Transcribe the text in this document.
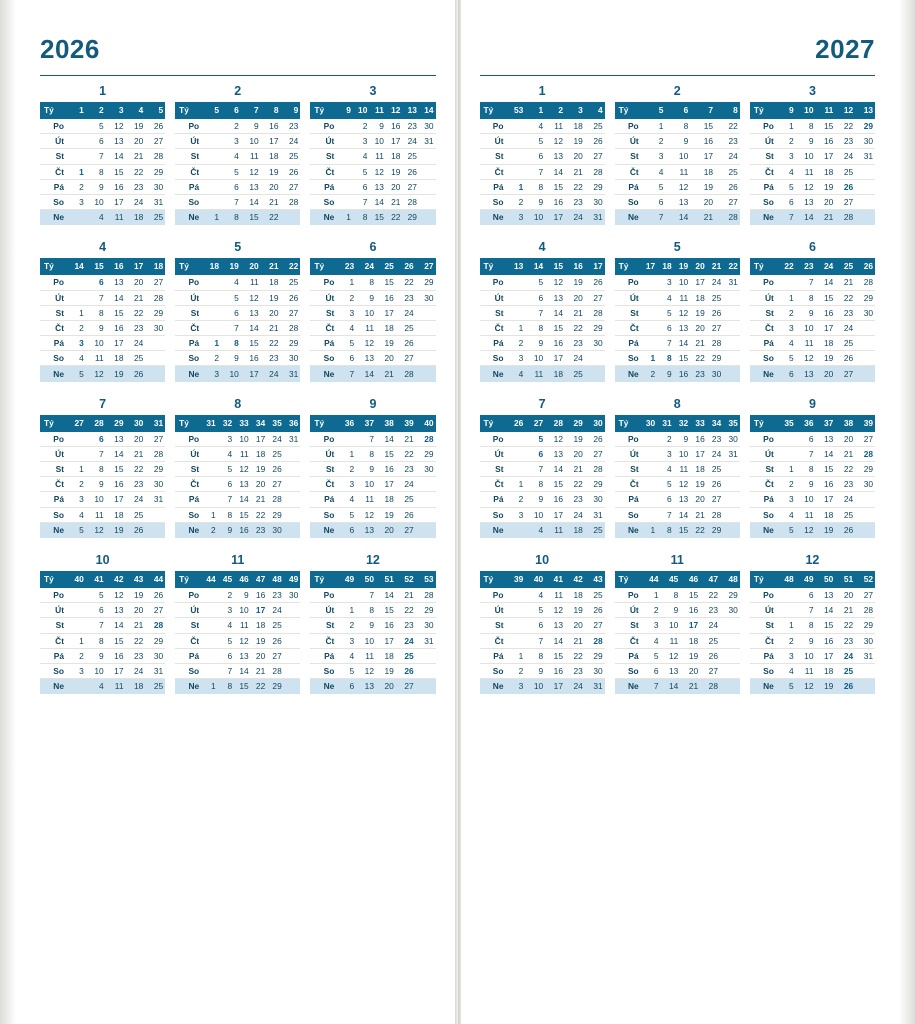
2026
1
Tý	1	2	3	4	5
Po		5	12	19	26
Út		6	13	20	27
St		7	14	21	28
Čt	1	8	15	22	29
Pá	2	9	16	23	30
So	3	10	17	24	31
Ne		4	11	18	25
2
Tý	5	6	7	8	9
Po		2	9	16	23
Út		3	10	17	24
St		4	11	18	25
Čt		5	12	19	26
Pá		6	13	20	27
So		7	14	21	28
Ne	1	8	15	22	
3
Tý	9	10	11	12	13	14
Po		2	9	16	23	30
Út		3	10	17	24	31
St		4	11	18	25	
Čt		5	12	19	26	
Pá		6	13	20	27	
So		7	14	21	28	
Ne	1	8	15	22	29	
4
Tý	14	15	16	17	18
Po		6	13	20	27
Út		7	14	21	28
St	1	8	15	22	29
Čt	2	9	16	23	30
Pá	3	10	17	24	
So	4	11	18	25	
Ne	5	12	19	26	
5
Tý	18	19	20	21	22
Po		4	11	18	25
Út		5	12	19	26
St		6	13	20	27
Čt		7	14	21	28
Pá	1	8	15	22	29
So	2	9	16	23	30
Ne	3	10	17	24	31
6
Tý	23	24	25	26	27
Po	1	8	15	22	29
Út	2	9	16	23	30
St	3	10	17	24	
Čt	4	11	18	25	
Pá	5	12	19	26	
So	6	13	20	27	
Ne	7	14	21	28	
7
Tý	27	28	29	30	31
Po		6	13	20	27
Út		7	14	21	28
St	1	8	15	22	29
Čt	2	9	16	23	30
Pá	3	10	17	24	31
So	4	11	18	25	
Ne	5	12	19	26	
8
Tý	31	32	33	34	35	36
Po		3	10	17	24	31
Út		4	11	18	25	
St		5	12	19	26	
Čt		6	13	20	27	
Pá		7	14	21	28	
So	1	8	15	22	29	
Ne	2	9	16	23	30	
9
Tý	36	37	38	39	40
Po		7	14	21	28
Út	1	8	15	22	29
St	2	9	16	23	30
Čt	3	10	17	24	
Pá	4	11	18	25	
So	5	12	19	26	
Ne	6	13	20	27	
10
Tý	40	41	42	43	44
Po		5	12	19	26
Út		6	13	20	27
St		7	14	21	28
Čt	1	8	15	22	29
Pá	2	9	16	23	30
So	3	10	17	24	31
Ne		4	11	18	25
11
Tý	44	45	46	47	48	49
Po		2	9	16	23	30
Út		3	10	17	24	
St		4	11	18	25	
Čt		5	12	19	26	
Pá		6	13	20	27	
So		7	14	21	28	
Ne	1	8	15	22	29	
12
Tý	49	50	51	52	53
Po		7	14	21	28
Út	1	8	15	22	29
St	2	9	16	23	30
Čt	3	10	17	24	31
Pá	4	11	18	25	
So	5	12	19	26	
Ne	6	13	20	27	
2027
1
Tý	53	1	2	3	4
Po		4	11	18	25
Út		5	12	19	26
St		6	13	20	27
Čt		7	14	21	28
Pá	1	8	15	22	29
So	2	9	16	23	30
Ne	3	10	17	24	31
2
Tý	5	6	7	8
Po	1	8	15	22
Út	2	9	16	23
St	3	10	17	24
Čt	4	11	18	25
Pá	5	12	19	26
So	6	13	20	27
Ne	7	14	21	28
3
Tý	9	10	11	12	13
Po	1	8	15	22	29
Út	2	9	16	23	30
St	3	10	17	24	31
Čt	4	11	18	25	
Pá	5	12	19	26	
So	6	13	20	27	
Ne	7	14	21	28	
4
Tý	13	14	15	16	17
Po		5	12	19	26
Út		6	13	20	27
St		7	14	21	28
Čt	1	8	15	22	29
Pá	2	9	16	23	30
So	3	10	17	24	
Ne	4	11	18	25	
5
Tý	17	18	19	20	21	22
Po		3	10	17	24	31
Út		4	11	18	25	
St		5	12	19	26	
Čt		6	13	20	27	
Pá		7	14	21	28	
So	1	8	15	22	29	
Ne	2	9	16	23	30	
6
Tý	22	23	24	25	26
Po		7	14	21	28
Út	1	8	15	22	29
St	2	9	16	23	30
Čt	3	10	17	24	
Pá	4	11	18	25	
So	5	12	19	26	
Ne	6	13	20	27	
7
Tý	26	27	28	29	30
Po		5	12	19	26
Út		6	13	20	27
St		7	14	21	28
Čt	1	8	15	22	29
Pá	2	9	16	23	30
So	3	10	17	24	31
Ne		4	11	18	25
8
Tý	30	31	32	33	34	35
Po		2	9	16	23	30
Út		3	10	17	24	31
St		4	11	18	25	
Čt		5	12	19	26	
Pá		6	13	20	27	
So		7	14	21	28	
Ne	1	8	15	22	29	
9
Tý	35	36	37	38	39
Po		6	13	20	27
Út		7	14	21	28
St	1	8	15	22	29
Čt	2	9	16	23	30
Pá	3	10	17	24	
So	4	11	18	25	
Ne	5	12	19	26	
10
Tý	39	40	41	42	43
Po		4	11	18	25
Út		5	12	19	26
St		6	13	20	27
Čt		7	14	21	28
Pá	1	8	15	22	29
So	2	9	16	23	30
Ne	3	10	17	24	31
11
Tý	44	45	46	47	48
Po	1	8	15	22	29
Út	2	9	16	23	30
St	3	10	17	24	
Čt	4	11	18	25	
Pá	5	12	19	26	
So	6	13	20	27	
Ne	7	14	21	28	
12
Tý	48	49	50	51	52
Po		6	13	20	27
Út		7	14	21	28
St	1	8	15	22	29
Čt	2	9	16	23	30
Pá	3	10	17	24	31
So	4	11	18	25	
Ne	5	12	19	26	
